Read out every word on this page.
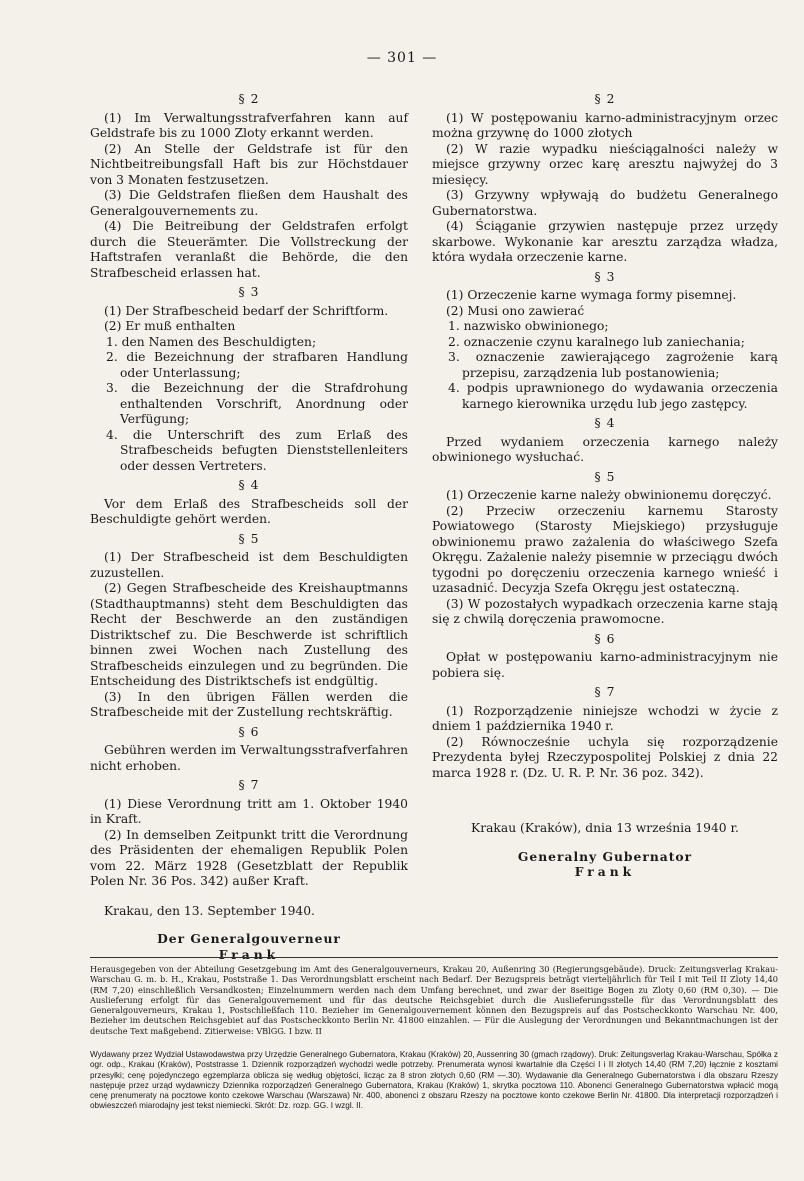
— 301 —
§ 2

(1) Im Verwaltungsstrafverfahren kann auf Geldstrafe bis zu 1000 Zloty erkannt werden.

(2) An Stelle der Geldstrafe ist für den Nichtbeitreibungsfall Haft bis zur Höchstdauer von 3 Monaten festzusetzen.

(3) Die Geldstrafen fließen dem Haushalt des Generalgouvernements zu.

(4) Die Beitreibung der Geldstrafen erfolgt durch die Steuerämter. Die Vollstreckung der Haftstrafen veranlaßt die Behörde, die den Strafbescheid erlassen hat.

§ 3

(1) Der Strafbescheid bedarf der Schriftform.

(2) Er muß enthalten

1. den Namen des Beschuldigten;
2. die Bezeichnung der strafbaren Handlung oder Unterlassung;
3. die Bezeichnung der die Strafdrohung enthaltenden Vorschrift, Anordnung oder Verfügung;
4. die Unterschrift des zum Erlaß des Strafbescheids befugten Dienststellenleiters oder dessen Vertreters.
§ 4

Vor dem Erlaß des Strafbescheids soll der Beschuldigte gehört werden.

§ 5

(1) Der Strafbescheid ist dem Beschuldigten zuzustellen.

(2) Gegen Strafbescheide des Kreishauptmanns (Stadthauptmanns) steht dem Beschuldigten das Recht der Beschwerde an den zuständigen Distriktschef zu. Die Beschwerde ist schriftlich binnen zwei Wochen nach Zustellung des Strafbescheids einzulegen und zu begründen. Die Entscheidung des Distriktschefs ist endgültig.

(3) In den übrigen Fällen werden die Strafbescheide mit der Zustellung rechtskräftig.

§ 6

Gebühren werden im Verwaltungsstrafverfahren nicht erhoben.

§ 7

(1) Diese Verordnung tritt am 1. Oktober 1940 in Kraft.

(2) In demselben Zeitpunkt tritt die Verordnung des Präsidenten der ehemaligen Republik Polen vom 22. März 1928 (Gesetzblatt der Republik Polen Nr. 36 Pos. 342) außer Kraft.

Krakau, den 13. September 1940.

Der Generalgouverneur

Frank

§ 2

(1) W postępowaniu karno-administracyjnym orzec można grzywnę do 1000 złotych

(2) W razie wypadku nieściągalności należy w miejsce grzywny orzec karę aresztu najwyżej do 3 miesięcy.

(3) Grzywny wpływają do budżetu Generalnego Gubernatorstwa.

(4) Ściąganie grzywien następuje przez urzędy skarbowe. Wykonanie kar aresztu zarządza władza, która wydała orzeczenie karne.

§ 3

(1) Orzeczenie karne wymaga formy pisemnej.

(2) Musi ono zawierać

1. nazwisko obwinionego;
2. oznaczenie czynu karalnego lub zaniechania;
3. oznaczenie zawierającego zagrożenie karą przepisu, zarządzenia lub postanowienia;
4. podpis uprawnionego do wydawania orzeczenia karnego kierownika urzędu lub jego zastępcy.
§ 4

Przed wydaniem orzeczenia karnego należy obwinionego wysłuchać.

§ 5

(1) Orzeczenie karne należy obwinionemu doręczyć.

(2) Przeciw orzeczeniu karnemu Starosty Powiatowego (Starosty Miejskiego) przysługuje obwinionemu prawo zażalenia do właściwego Szefa Okręgu. Zażalenie należy pisemnie w przeciągu dwóch tygodni po doręczeniu orzeczenia karnego wnieść i uzasadnić. Decyzja Szefa Okręgu jest ostateczną.

(3) W pozostałych wypadkach orzeczenia karne stają się z chwilą doręczenia prawomocne.

§ 6

Opłat w postępowaniu karno-administracyjnym nie pobiera się.

§ 7

(1) Rozporządzenie niniejsze wchodzi w życie z dniem 1 października 1940 r.

(2) Równocześnie uchyla się rozporządzenie Prezydenta byłej Rzeczypospolitej Polskiej z dnia 22 marca 1928 r. (Dz. U. R. P. Nr. 36 poz. 342).

Krakau (Kraków), dnia 13 września 1940 r.

Generalny Gubernator

Frank

Herausgegeben von der Abteilung Gesetzgebung im Amt des Generalgouverneurs, Krakau 20, Außenring 30 (Regierungsgebäude). Druck: Zeitungsverlag Krakau-Warschau G. m. b. H., Krakau, Poststraße 1. Das Verordnungsblatt erscheint nach Bedarf. Der Bezugspreis beträgt vierteljährlich für Teil I mit Teil II Zloty 14,40 (RM 7,20) einschließlich Versandkosten; Einzelnummern werden nach dem Umfang berechnet, und zwar der 8seitige Bogen zu Zloty 0,60 (RM 0,30). — Die Auslieferung erfolgt für das Generalgouvernement und für das deutsche Reichsgebiet durch die Auslieferungsstelle für das Verordnungsblatt des Generalgouverneurs, Krakau 1, Postschließfach 110. Bezieher im Generalgouvernement können den Bezugspreis auf das Postscheckkonto Warschau Nr. 400, Bezieher im deutschen Reichsgebiet auf das Postscheckkonto Berlin Nr. 41800 einzahlen. — Für die Auslegung der Verordnungen und Bekanntmachungen ist der deutsche Text maßgebend. Zitierweise: VBlGG. I bzw. II
Wydawany przez Wydział Ustawodawstwa przy Urzędzie Generalnego Gubernatora, Krakau (Kraków) 20, Aussenring 30 (gmach rządowy). Druk: Zeitungsverlag Krakau-Warschau, Spółka z ogr. odp., Krakau (Kraków), Poststrasse 1. Dziennik rozporządzeń wychodzi wedle potrzeby. Prenumerata wynosi kwartalnie dla Części I i II złotych 14,40 (RM 7,20) łącznie z kosztami przesyłki; cenę pojedynczego egzemplarza oblicza się według objętości, licząc za 8 stron złotych 0,60 (RM —.30). Wydawanie dla Generalnego Gubernatorstwa i dla obszaru Rzeszy następuje przez urząd wydawniczy Dziennika rozporządzeń Generalnego Gubernatora, Krakau (Kraków) 1, skrytka pocztowa 110. Abonenci Generalnego Gubernatorstwa wpłacić mogą cenę prenumeraty na pocztowe konto czekowe Warschau (Warszawa) Nr. 400, abonenci z obszaru Rzeszy na pocztowe konto czekowe Berlin Nr. 41800. Dla interpretacji rozporządzeń i obwieszczeń miarodajny jest tekst niemiecki. Skrót: Dz. rozp. GG. I wzgl. II.
